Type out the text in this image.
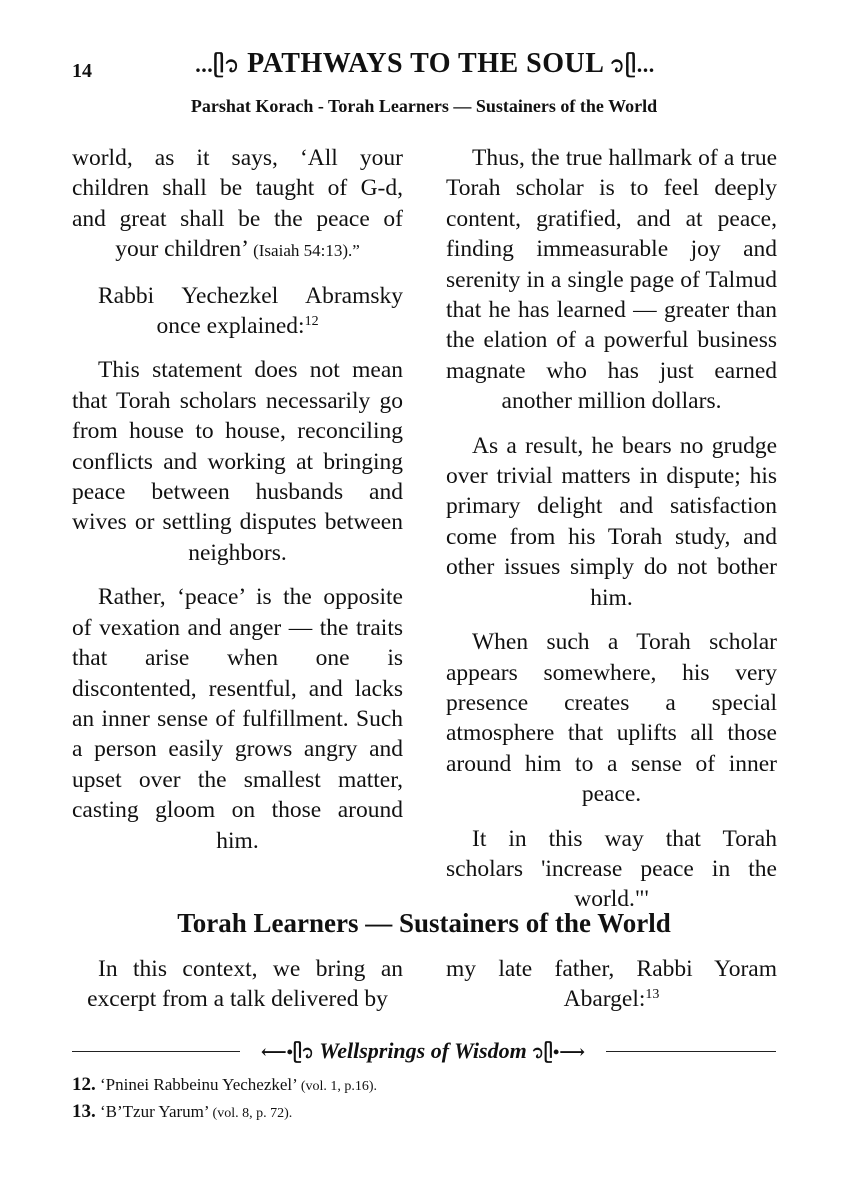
14	...ᥫ᭡ PATHWAYS TO THE SOUL ᭡ᥫ...
Parshat Korach - Torah Learners — Sustainers of the World

world, as it says, ‘All your children shall be taught of G-d, and great shall be the peace of your children’ (Isaiah 54:13).”

Rabbi Yechezkel Abramsky once explained:$^{12}$

This statement does not mean that Torah scholars necessarily go from house to house, reconciling conflicts and working at bringing peace between husbands and wives or settling disputes between neighbors.

Rather, ‘peace’ is the opposite of vexation and anger — the traits that arise when one is discontented, resentful, and lacks an inner sense of fulfillment. Such a person easily grows angry and upset over the smallest matter, casting gloom on those around him.

Thus, the true hallmark of a true Torah scholar is to feel deeply content, gratified, and at peace, finding immeasurable joy and serenity in a single page of Talmud that he has learned — greater than the elation of a powerful business magnate who has just earned another million dollars.

As a result, he bears no grudge over trivial matters in dispute; his primary delight and satisfaction come from his Torah study, and other issues simply do not bother him.

When such a Torah scholar appears somewhere, his very presence creates a special atmosphere that uplifts all those around him to a sense of inner peace.

It in this way that Torah scholars 'increase peace in the world."'

Torah Learners — Sustainers of the World

In this context, we bring an excerpt from a talk delivered by

my late father, Rabbi Yoram Abargel:$^{13}$

⟵•ᥫ᭡ Wellsprings of Wisdom ᭡ᥫ•⟶
12. ‘Pninei Rabbeinu Yechezkel’ (vol. 1, p.16).
13. ‘B’Tzur Yarum’ (vol. 8, p. 72).
